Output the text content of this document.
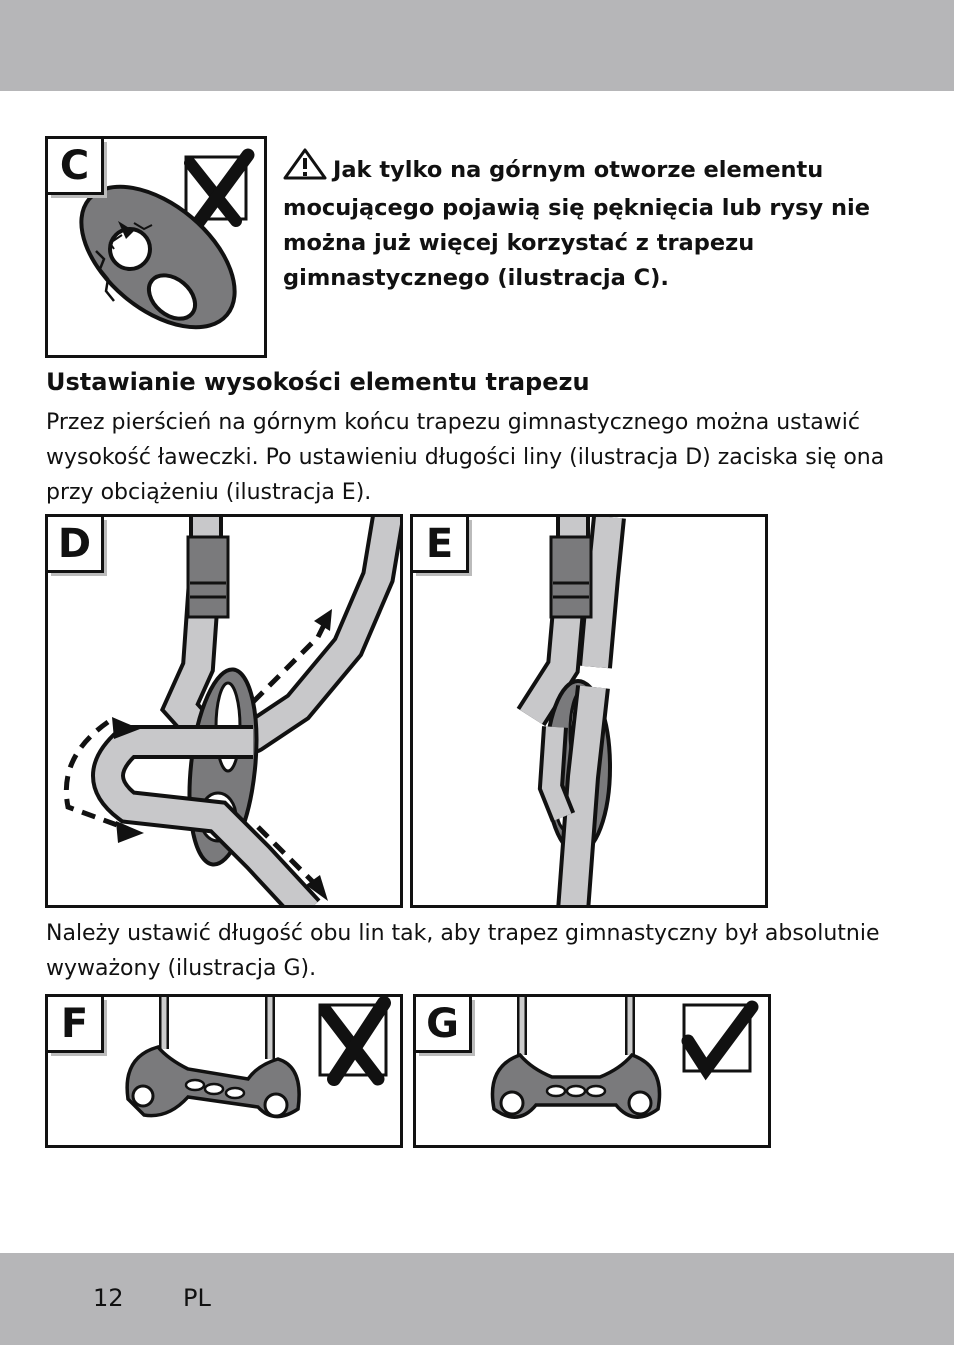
C	Jak tylko na górnym otworze elementu mocującego pojawią się pęknięcia lub rysy nie można już więcej korzystać z trapezu gimnastycznego (ilustracja C).
Ustawianie wysokości elementu trapezu
Przez pierścień na górnym końcu trapezu gimnastycznego można ustawić wysokość ławeczki. Po ustawieniu długości liny (ilustracja D) zaciska się ona przy obciążeniu (ilustracja E).
D	E
Należy ustawić długość obu lin tak, aby trapez gimnastyczny był absolutnie wyważony (ilustracja G).
F	G
12 PL
